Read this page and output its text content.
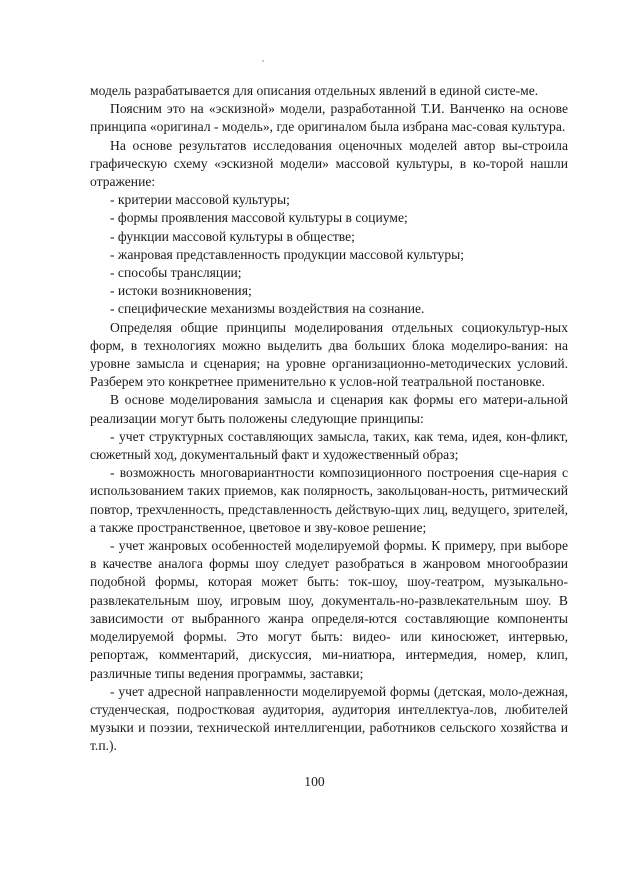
модель разрабатывается для описания отдельных явлений в единой систе-ме.

Поясним это на «эскизной» модели, разработанной Т.И. Ванченко на основе принципа «оригинал - модель», где оригиналом была избрана мас-совая культура.

На основе результатов исследования оценочных моделей автор вы-строила графическую схему «эскизной модели» массовой культуры, в ко-торой нашли отражение:

- критерии массовой культуры;
- формы проявления массовой культуры в социуме;
- функции массовой культуры в обществе;
- жанровая представленность продукции массовой культуры;
- способы трансляции;
- истоки возникновения;
- специфические механизмы воздействия на сознание.

Определяя общие принципы моделирования отдельных социокультур-ных форм, в технологиях можно выделить два больших блока моделиро-вания: на уровне замысла и сценария; на уровне организационно-методических условий. Разберем это конкретнее применительно к услов-ной театральной постановке.

В основе моделирования замысла и сценария как формы его матери-альной реализации могут быть положены следующие принципы:

- учет структурных составляющих замысла, таких, как тема, идея, кон-фликт, сюжетный ход, документальный факт и художественный образ;
- возможность многовариантности композиционного построения сце-нария с использованием таких приемов, как полярность, закольцован-ность, ритмический повтор, трехчленность, представленность действую-щих лиц, ведущего, зрителей, а также пространственное, цветовое и зву-ковое решение;
- учет жанровых особенностей моделируемой формы. К примеру, при выборе в качестве аналога формы шоу следует разобраться в жанровом многообразии подобной формы, которая может быть: ток-шоу, шоу-театром, музыкально-развлекательным шоу, игровым шоу, документаль-но-развлекательным шоу. В зависимости от выбранного жанра определя-ются составляющие компоненты моделируемой формы. Это могут быть: видео- или киносюжет, интервью, репортаж, комментарий, дискуссия, ми-ниатюра, интермедия, номер, клип, различные типы ведения программы, заставки;
- учет адресной направленности моделируемой формы (детская, моло-дежная, студенческая, подростковая аудитория, аудитория интеллектуа-лов, любителей музыки и поэзии, технической интеллигенции, работников сельского хозяйства и т.п.).
100
